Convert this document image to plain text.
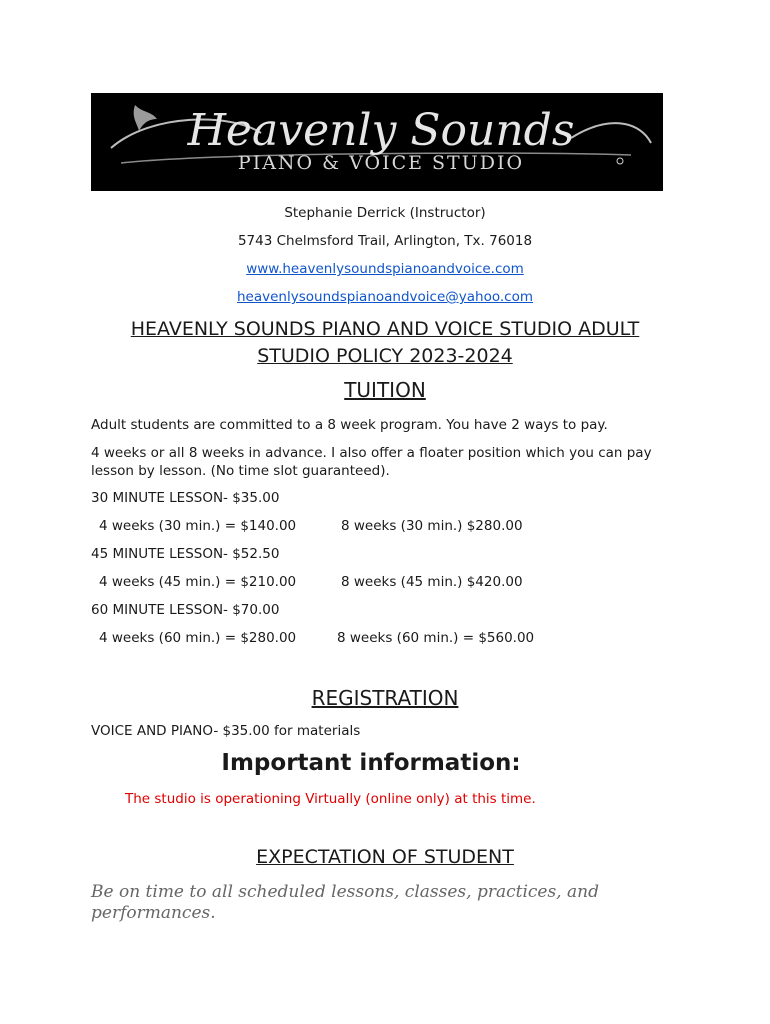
Heavenly Sounds
PIANO & VOICE STUDIO
Stephanie Derrick (Instructor)
5743 Chelmsford Trail, Arlington, Tx. 76018
www.heavenlysoundspianoandvoice.com
heavenlysoundspianoandvoice@yahoo.com
HEAVENLY SOUNDS PIANO AND VOICE STUDIO ADULT
STUDIO POLICY 2023-2024
TUITION
Adult students are committed to a 8 week program. You have 2 ways to pay.
4 weeks or all 8 weeks in advance. I also offer a floater position which you can pay lesson by lesson. (No time slot guaranteed).
30 MINUTE LESSON- $35.00
4 weeks (30 min.) = $140.00	8 weeks (30 min.) $280.00
45 MINUTE LESSON- $52.50
4 weeks (45 min.) = $210.00	8 weeks (45 min.) $420.00
60 MINUTE LESSON- $70.00
4 weeks (60 min.) = $280.00	8 weeks (60 min.) = $560.00
REGISTRATION
VOICE AND PIANO- $35.00 for materials
Important information:
The studio is operationing Virtually (online only) at this time.
EXPECTATION OF STUDENT
Be on time to all scheduled lessons, classes, practices, and performances.
